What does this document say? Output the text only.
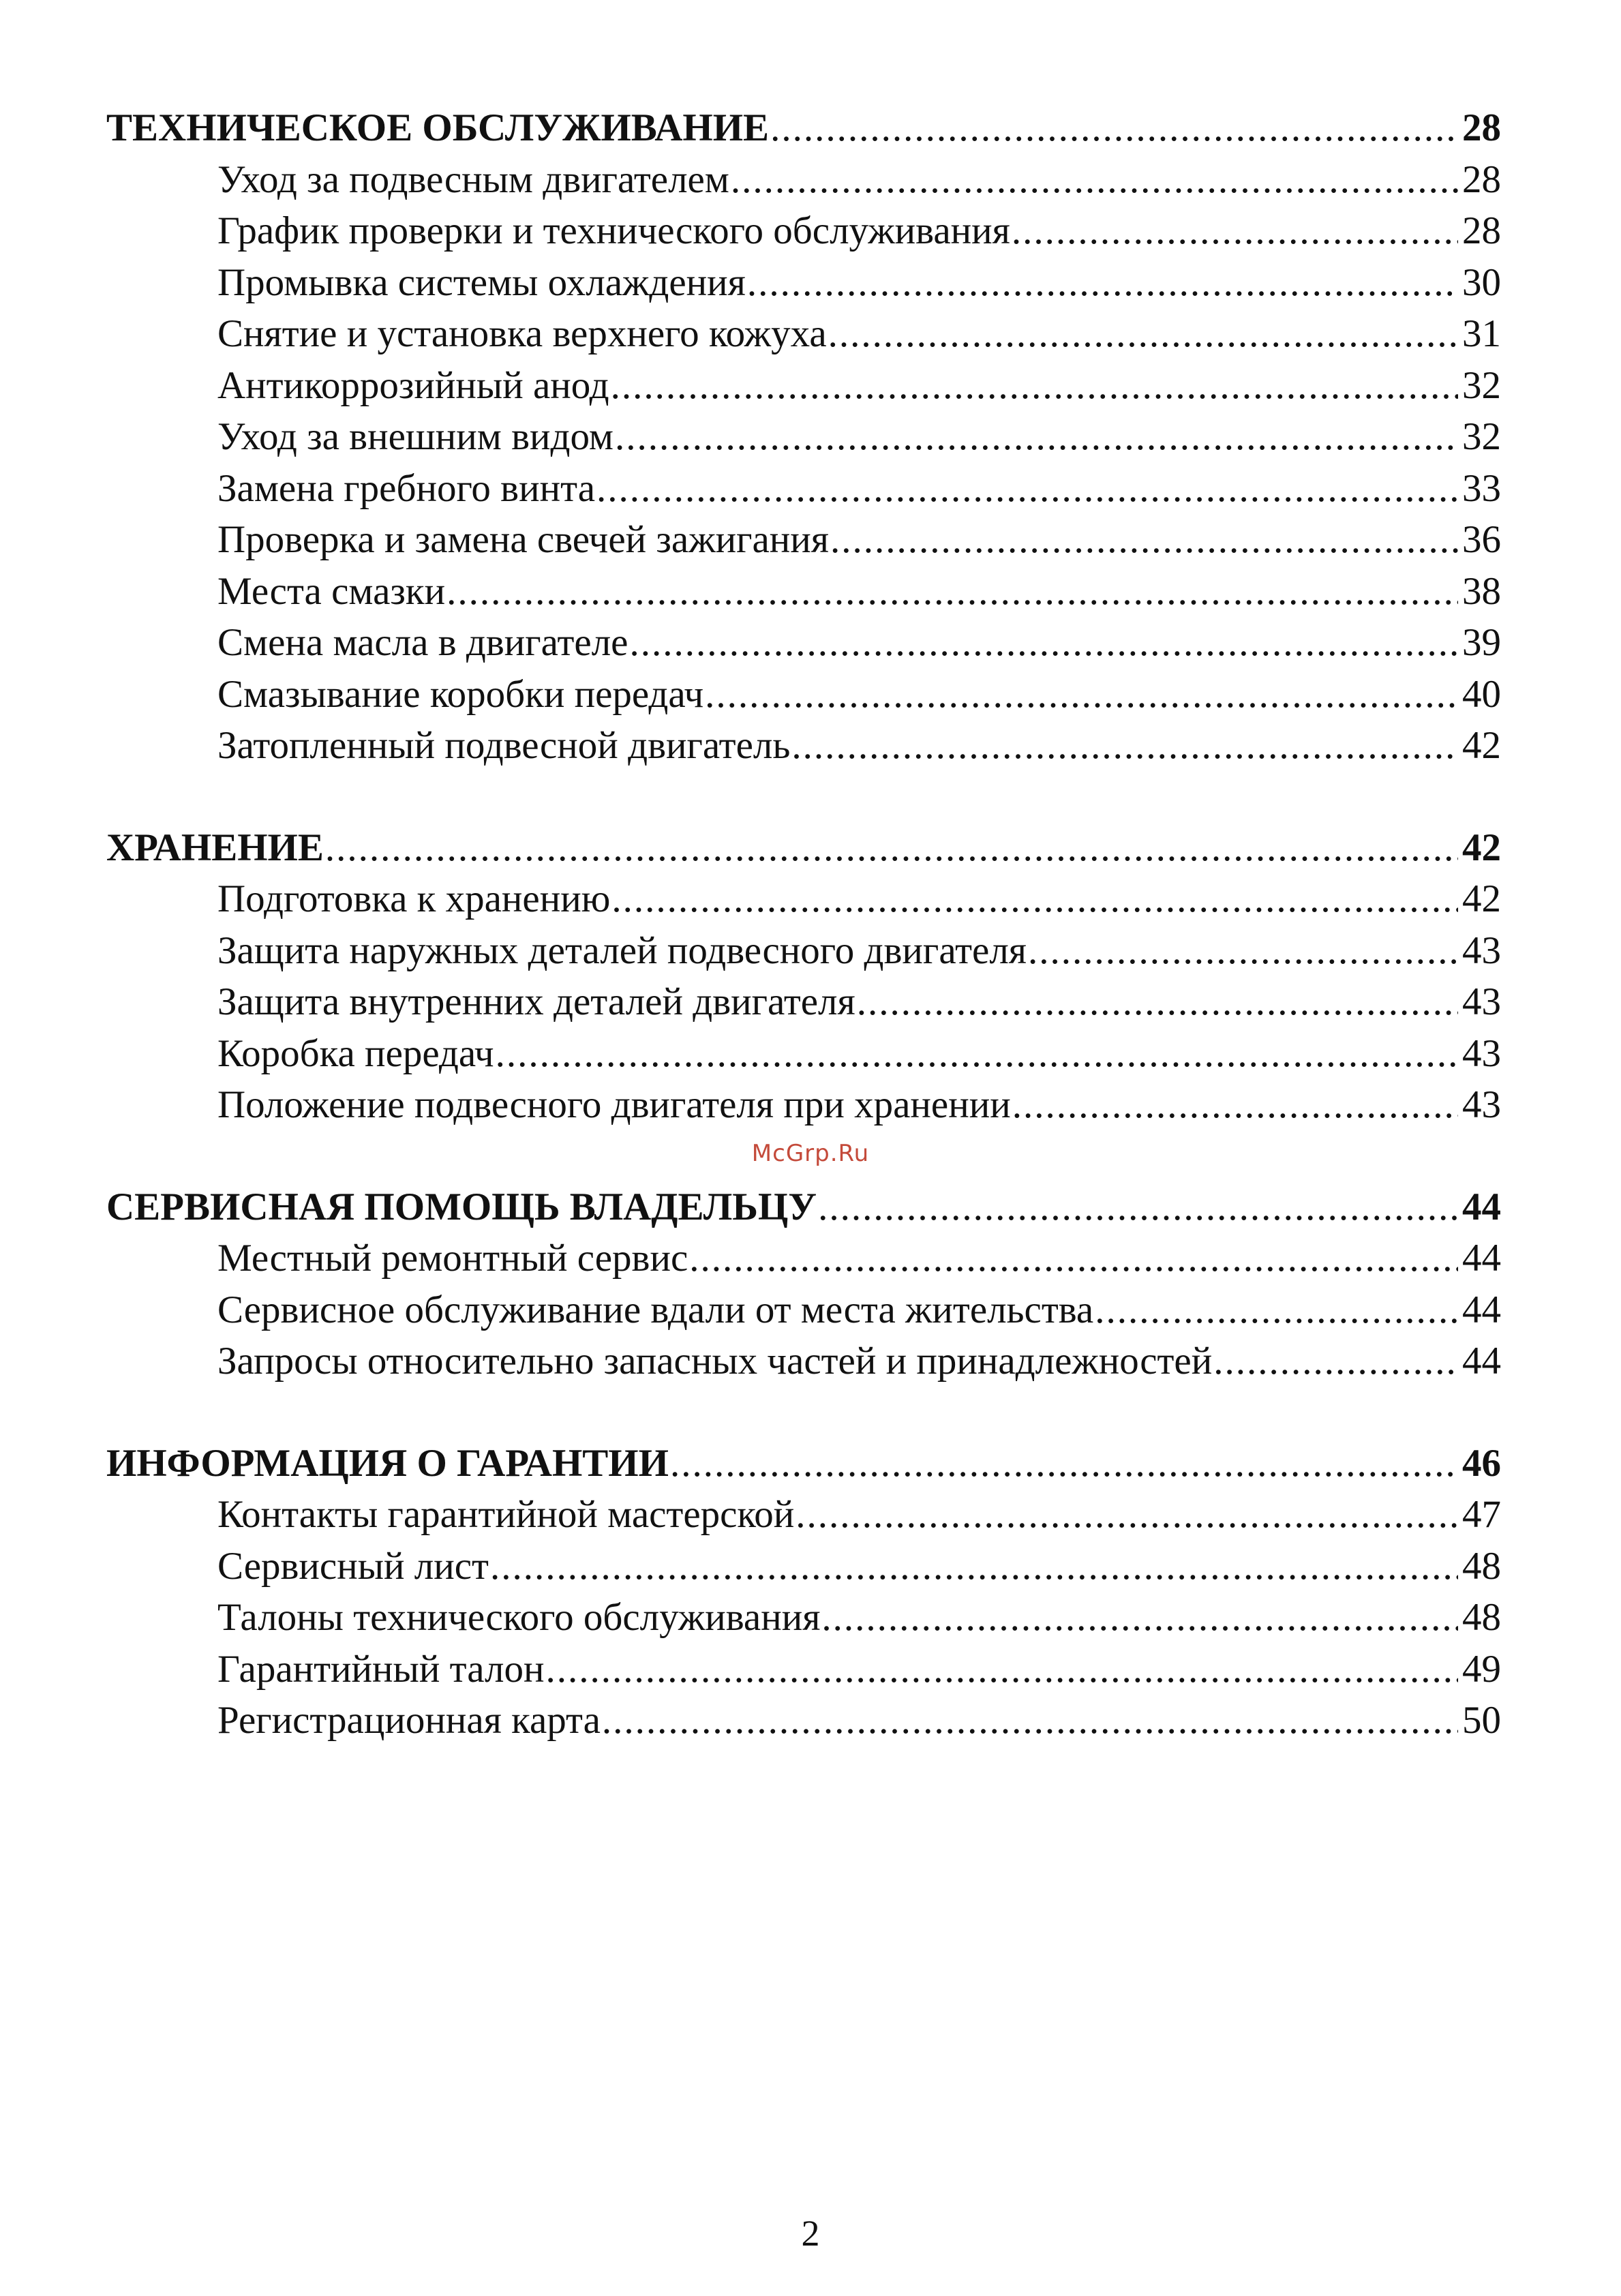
ТЕХНИЧЕСКОЕ ОБСЛУЖИВАНИЕ .....	28
Уход за подвесным двигателем .....	28
График проверки и технического обслуживания .....	28
Промывка системы охлаждения .....	30
Снятие и установка верхнего кожуха .....	31
Антикоррозийный анод .....	32
Уход за внешним видом .....	32
Замена гребного винта .....	33
Проверка и замена свечей зажигания .....	36
Места смазки .....	38
Смена масла в двигателе .....	39
Смазывание коробки передач .....	40
Затопленный подвесной двигатель .....	42
ХРАНЕНИЕ .....	42
Подготовка к хранению .....	42
Защита наружных деталей подвесного двигателя .....	43
Защита внутренних деталей двигателя .....	43
Коробка передач .....	43
Положение подвесного двигателя при хранении .....	43
СЕРВИСНАЯ ПОМОЩЬ ВЛАДЕЛЬЦУ .....	44
Местный ремонтный сервис .....	44
Сервисное обслуживание вдали от места жительства .....	44
Запросы относительно запасных частей и принадлежностей .....	44
ИНФОРМАЦИЯ О ГАРАНТИИ .....	46
Контакты гарантийной мастерской .....	47
Сервисный лист .....	48
Талоны технического обслуживания .....	48
Гарантийный талон .....	49
Регистрационная карта .....	50
McGrp.Ru
2
